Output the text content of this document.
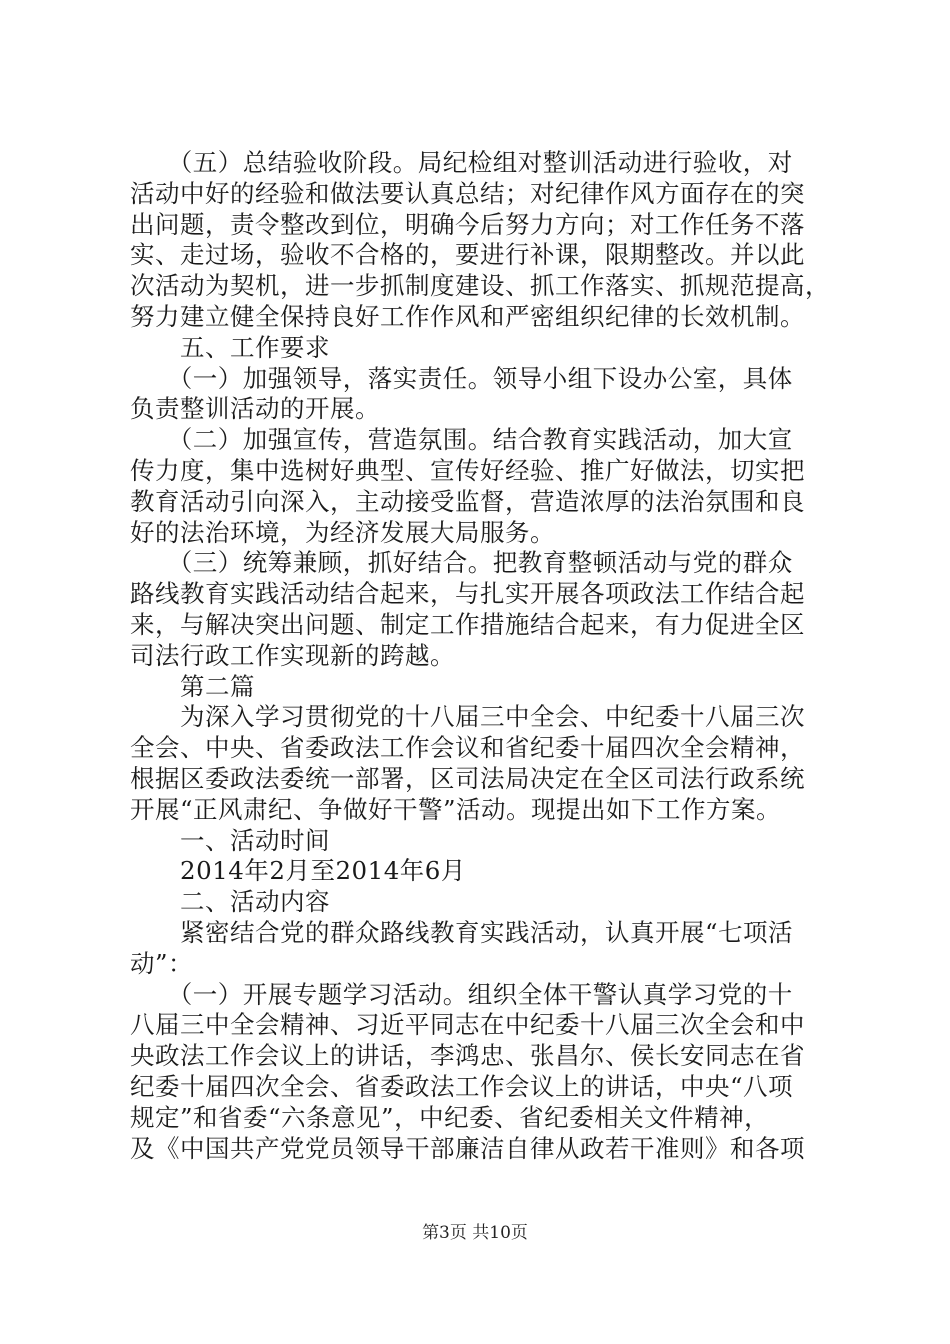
　　（五）总结验收阶段。局纪检组对整训活动进行验收，对
活动中好的经验和做法要认真总结；对纪律作风方面存在的突
出问题，责令整改到位，明确今后努力方向；对工作任务不落
实、走过场，验收不合格的，要进行补课，限期整改。并以此
次活动为契机，进一步抓制度建设、抓工作落实、抓规范提高，
努力建立健全保持良好工作作风和严密组织纪律的长效机制。
　　五、工作要求
　　（一）加强领导，落实责任。领导小组下设办公室，具体
负责整训活动的开展。
　　（二）加强宣传，营造氛围。结合教育实践活动，加大宣
传力度，集中选树好典型、宣传好经验、推广好做法，切实把
教育活动引向深入，主动接受监督，营造浓厚的法治氛围和良
好的法治环境，为经济发展大局服务。
　　（三）统筹兼顾，抓好结合。把教育整顿活动与党的群众
路线教育实践活动结合起来，与扎实开展各项政法工作结合起
来，与解决突出问题、制定工作措施结合起来，有力促进全区
司法行政工作实现新的跨越。
　　第二篇
　　为深入学习贯彻党的十八届三中全会、中纪委十八届三次
全会、中央、省委政法工作会议和省纪委十届四次全会精神，
根据区委政法委统一部署，区司法局决定在全区司法行政系统
开展“正风肃纪、争做好干警”活动。现提出如下工作方案。
　　一、活动时间
　　2014年2月至2014年6月
　　二、活动内容
　　紧密结合党的群众路线教育实践活动，认真开展“七项活
动”：
　　（一）开展专题学习活动。组织全体干警认真学习党的十
八届三中全会精神、习近平同志在中纪委十八届三次全会和中
央政法工作会议上的讲话，李鸿忠、张昌尔、侯长安同志在省
纪委十届四次全会、省委政法工作会议上的讲话，中央“八项
规定”和省委“六条意见”，中纪委、省纪委相关文件精神，
及《中国共产党党员领导干部廉洁自律从政若干准则》和各项
第3页 共10页
